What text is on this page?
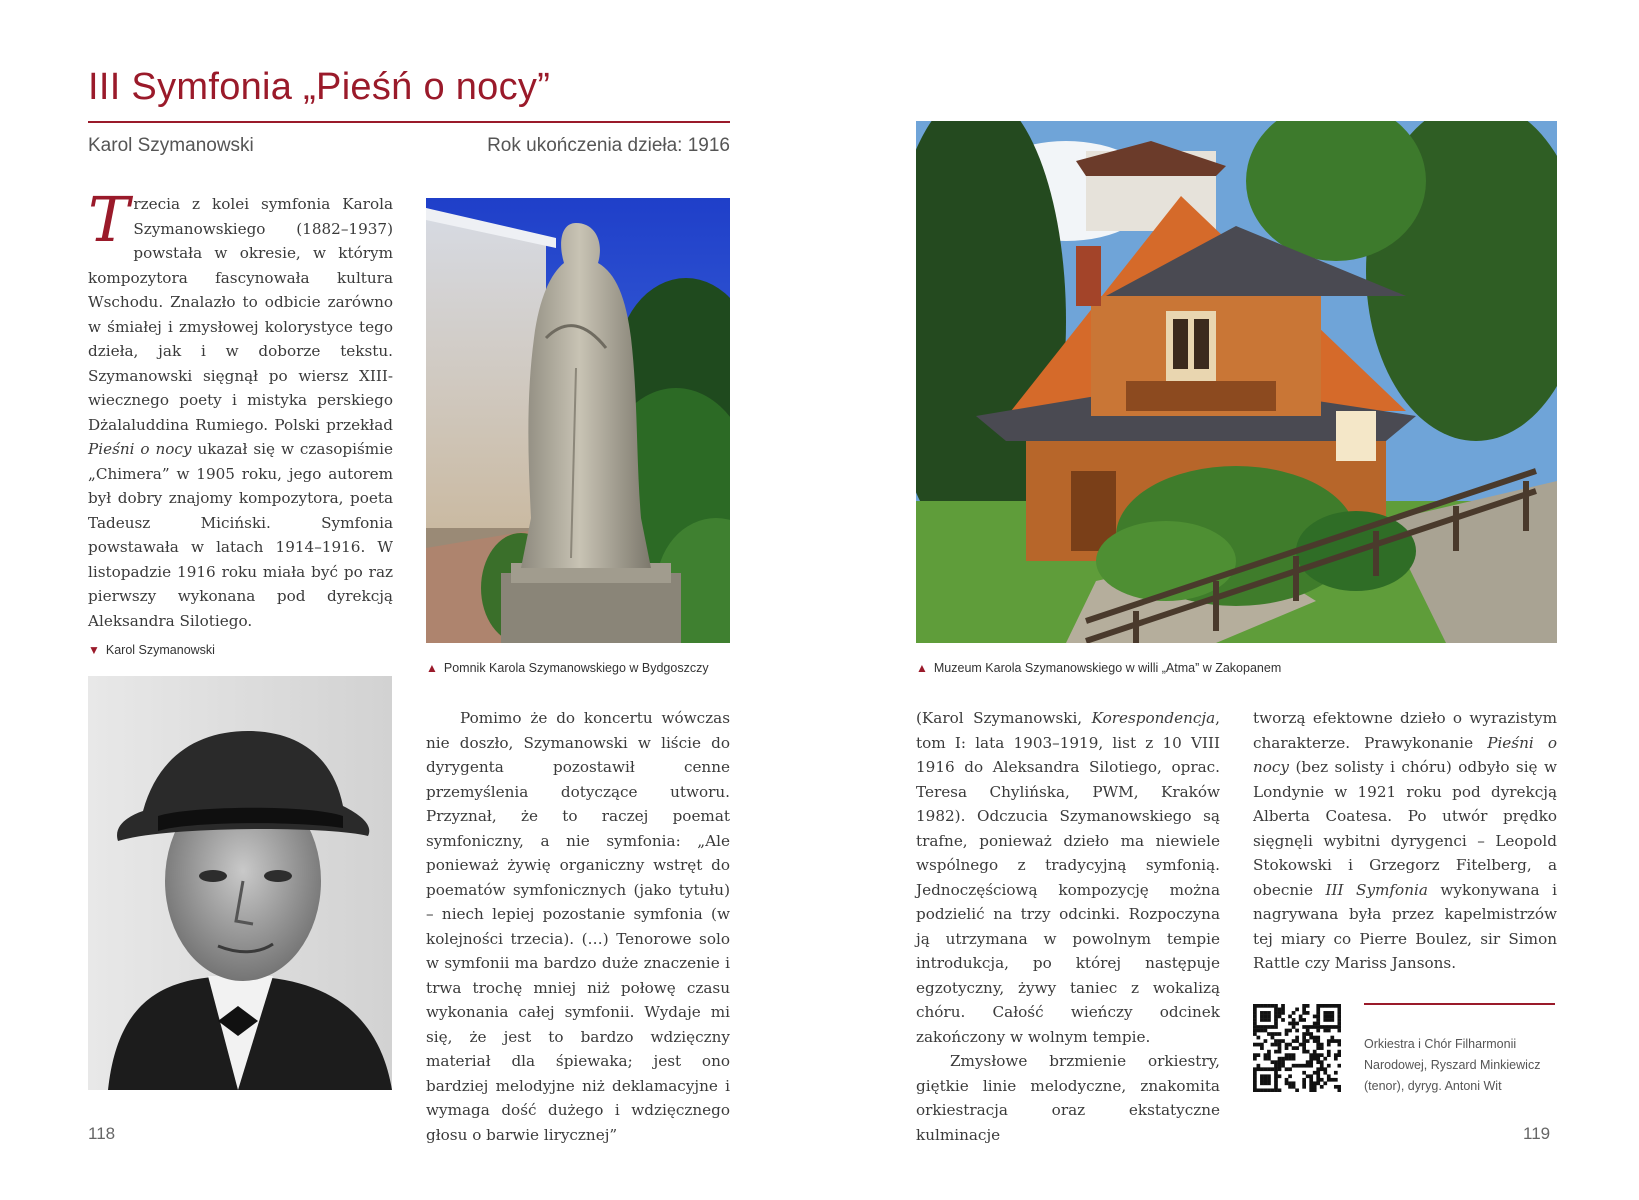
III Symfonia „Pieśń o nocy”
Karol Szymanowski	Rok ukończenia dzieła: 1916

Trzecia z kolei symfonia Karola Szymanowskiego (1882–1937) powstała w okresie, w którym kompozytora fascynowała kultura Wschodu. Znalazło to odbicie zarówno w śmiałej i zmysłowej kolorystyce tego dzieła, jak i w doborze tekstu. Szymanowski sięgnął po wiersz XIII-wiecznego poety i mistyka perskiego Dżalaluddina Rumiego. Polski przekład Pieśni o nocy ukazał się w czasopiśmie „Chimera” w 1905 roku, jego autorem był dobry znajomy kompozytora, poeta Tadeusz Miciński. Symfonia powstawała w latach 1914–1916. W listopadzie 1916 roku miała być po raz pierwszy wykonana pod dyrekcją Aleksandra Silotiego.

▲ Pomnik Karola Szymanowskiego w Bydgoszczy
▼ Karol Szymanowski

Pomimo że do koncertu wówczas nie doszło, Szymanowski w liście do dyrygenta pozostawił cenne przemyślenia dotyczące utworu. Przyznał, że to raczej poemat symfoniczny, a nie symfonia: „Ale ponieważ żywię organiczny wstręt do poematów symfonicznych (jako tytułu) – niech lepiej pozostanie symfonia (w kolejności trzecia). (…) Tenorowe solo w symfonii ma bardzo duże znaczenie i trwa trochę mniej niż połowę czasu wykonania całej symfonii. Wydaje mi się, że jest to bardzo wdzięczny materiał dla śpiewaka; jest ono bardziej melodyjne niż deklamacyjne i wymaga dość dużego i wdzięcznego głosu o barwie lirycznej”

▲ Muzeum Karola Szymanowskiego w willi „Atma” w Zakopanem

(Karol Szymanowski, Korespondencja, tom I: lata 1903–1919, list z 10 VIII 1916 do Aleksandra Silotiego, oprac. Teresa Chylińska, PWM, Kraków 1982). Odczucia Szymanowskiego są trafne, ponieważ dzieło ma niewiele wspólnego z tradycyjną symfonią. Jednoczęściową kompozycję można podzielić na trzy odcinki. Rozpoczyna ją utrzymana w powolnym tempie introdukcja, po której następuje egzotyczny, żywy taniec z wokalizą chóru. Całość wieńczy odcinek zakończony w wolnym tempie.

Zmysłowe brzmienie orkiestry, giętkie linie melodyczne, znakomita orkiestracja oraz ekstatyczne kulminacje

tworzą efektowne dzieło o wyrazistym charakterze. Prawykonanie Pieśni o nocy (bez solisty i chóru) odbyło się w Londynie w 1921 roku pod dyrekcją Alberta Coatesa. Po utwór prędko sięgnęli wybitni dyrygenci – Leopold Stokowski i Grzegorz Fitelberg, a obecnie III Symfonia wykonywana i nagrywana była przez kapelmistrzów tej miary co Pierre Boulez, sir Simon Rattle czy Mariss Jansons.

Orkiestra i Chór Filharmonii Narodowej, Ryszard Minkiewicz (tenor), dyryg. Antoni Wit
118	119
